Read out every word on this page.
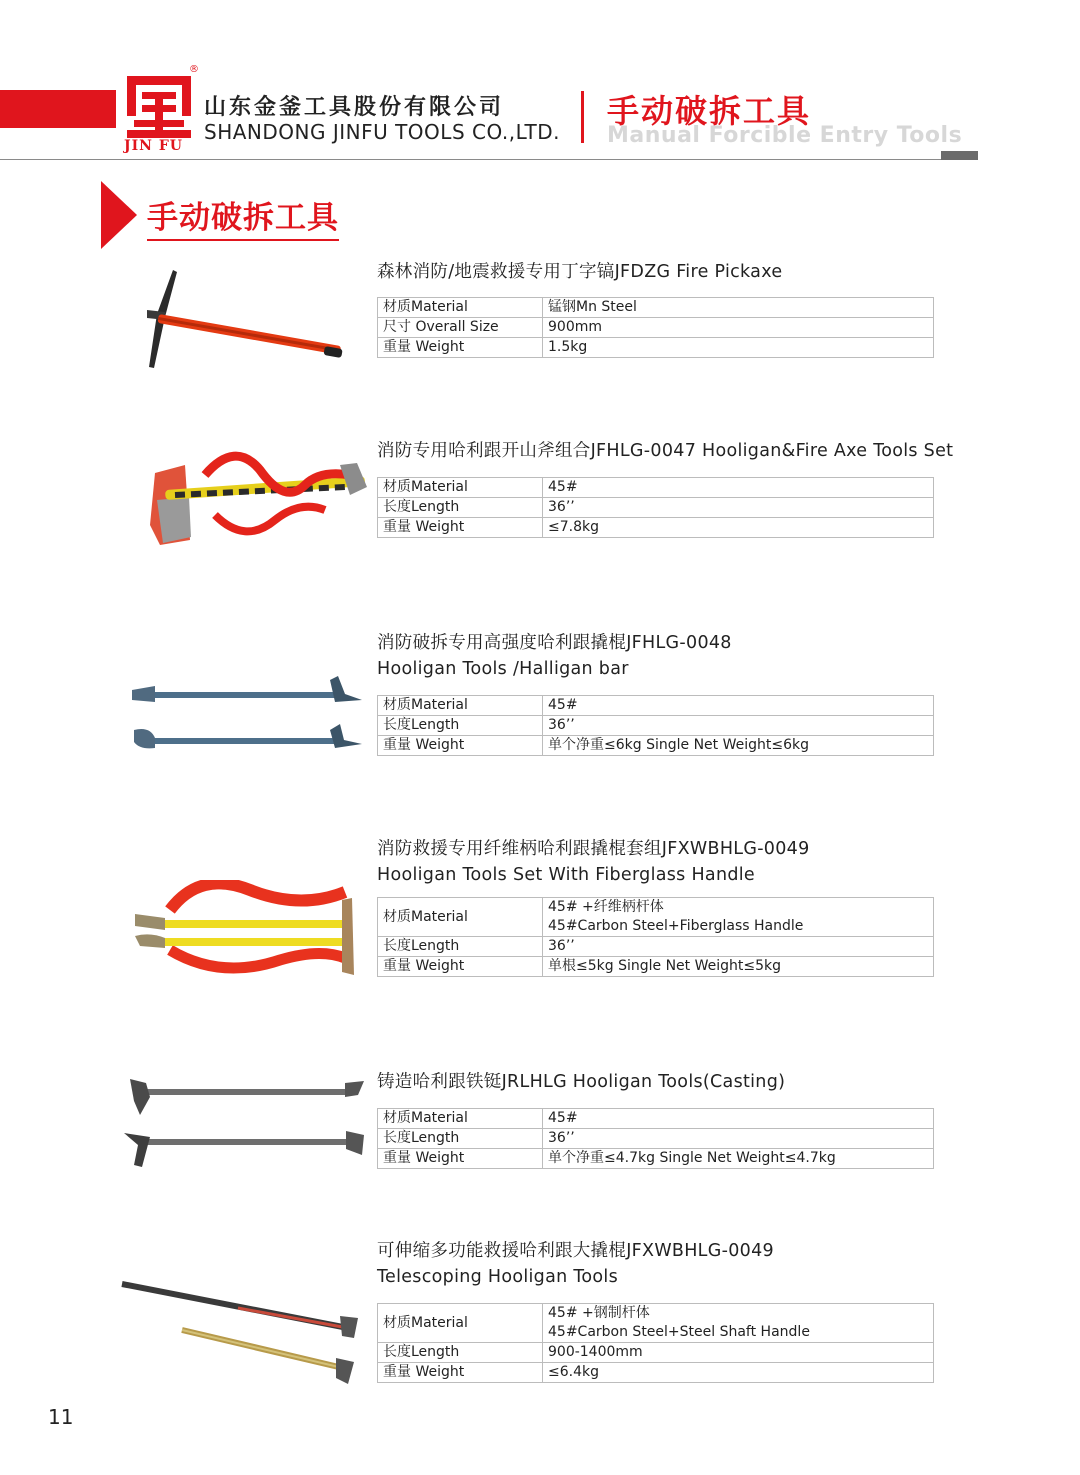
JIN FU
®
山东金釜工具股份有限公司
SHANDONG JINFU TOOLS CO.,LTD.
手动破拆工具
Manual Forcible Entry Tools
手动破拆工具
森林消防/地震救援专用丁字镐JFDZG Fire Pickaxe
材质Material	锰钢Mn Steel
尺寸 Overall Size	900mm
重量 Weight	1.5kg
消防专用哈利跟开山斧组合JFHLG-0047 Hooligan&Fire Axe Tools Set
材质Material	45#
长度Length	36’’
重量 Weight	≤7.8kg
消防破拆专用高强度哈利跟撬棍JFHLG-0048
Hooligan Tools /Halligan bar
材质Material	45#
长度Length	36’’
重量 Weight	单个净重≤6kg Single Net Weight≤6kg
消防救援专用纤维柄哈利跟撬棍套组JFXWBHLG-0049
Hooligan Tools Set With Fiberglass Handle
材质Material	45# +纤维柄杆体
45#Carbon Steel+Fiberglass Handle

长度Length	36’’
重量 Weight	单根≤5kg Single Net Weight≤5kg
铸造哈利跟铁铤JRLHLG Hooligan Tools(Casting)
材质Material	45#
长度Length	36’’
重量 Weight	单个净重≤4.7kg Single Net Weight≤4.7kg
可伸缩多功能救援哈利跟大撬棍JFXWBHLG-0049
Telescoping Hooligan Tools
材质Material	45# +钢制杆体
45#Carbon Steel+Steel Shaft Handle

长度Length	900-1400mm
重量 Weight	≤6.4kg
11
